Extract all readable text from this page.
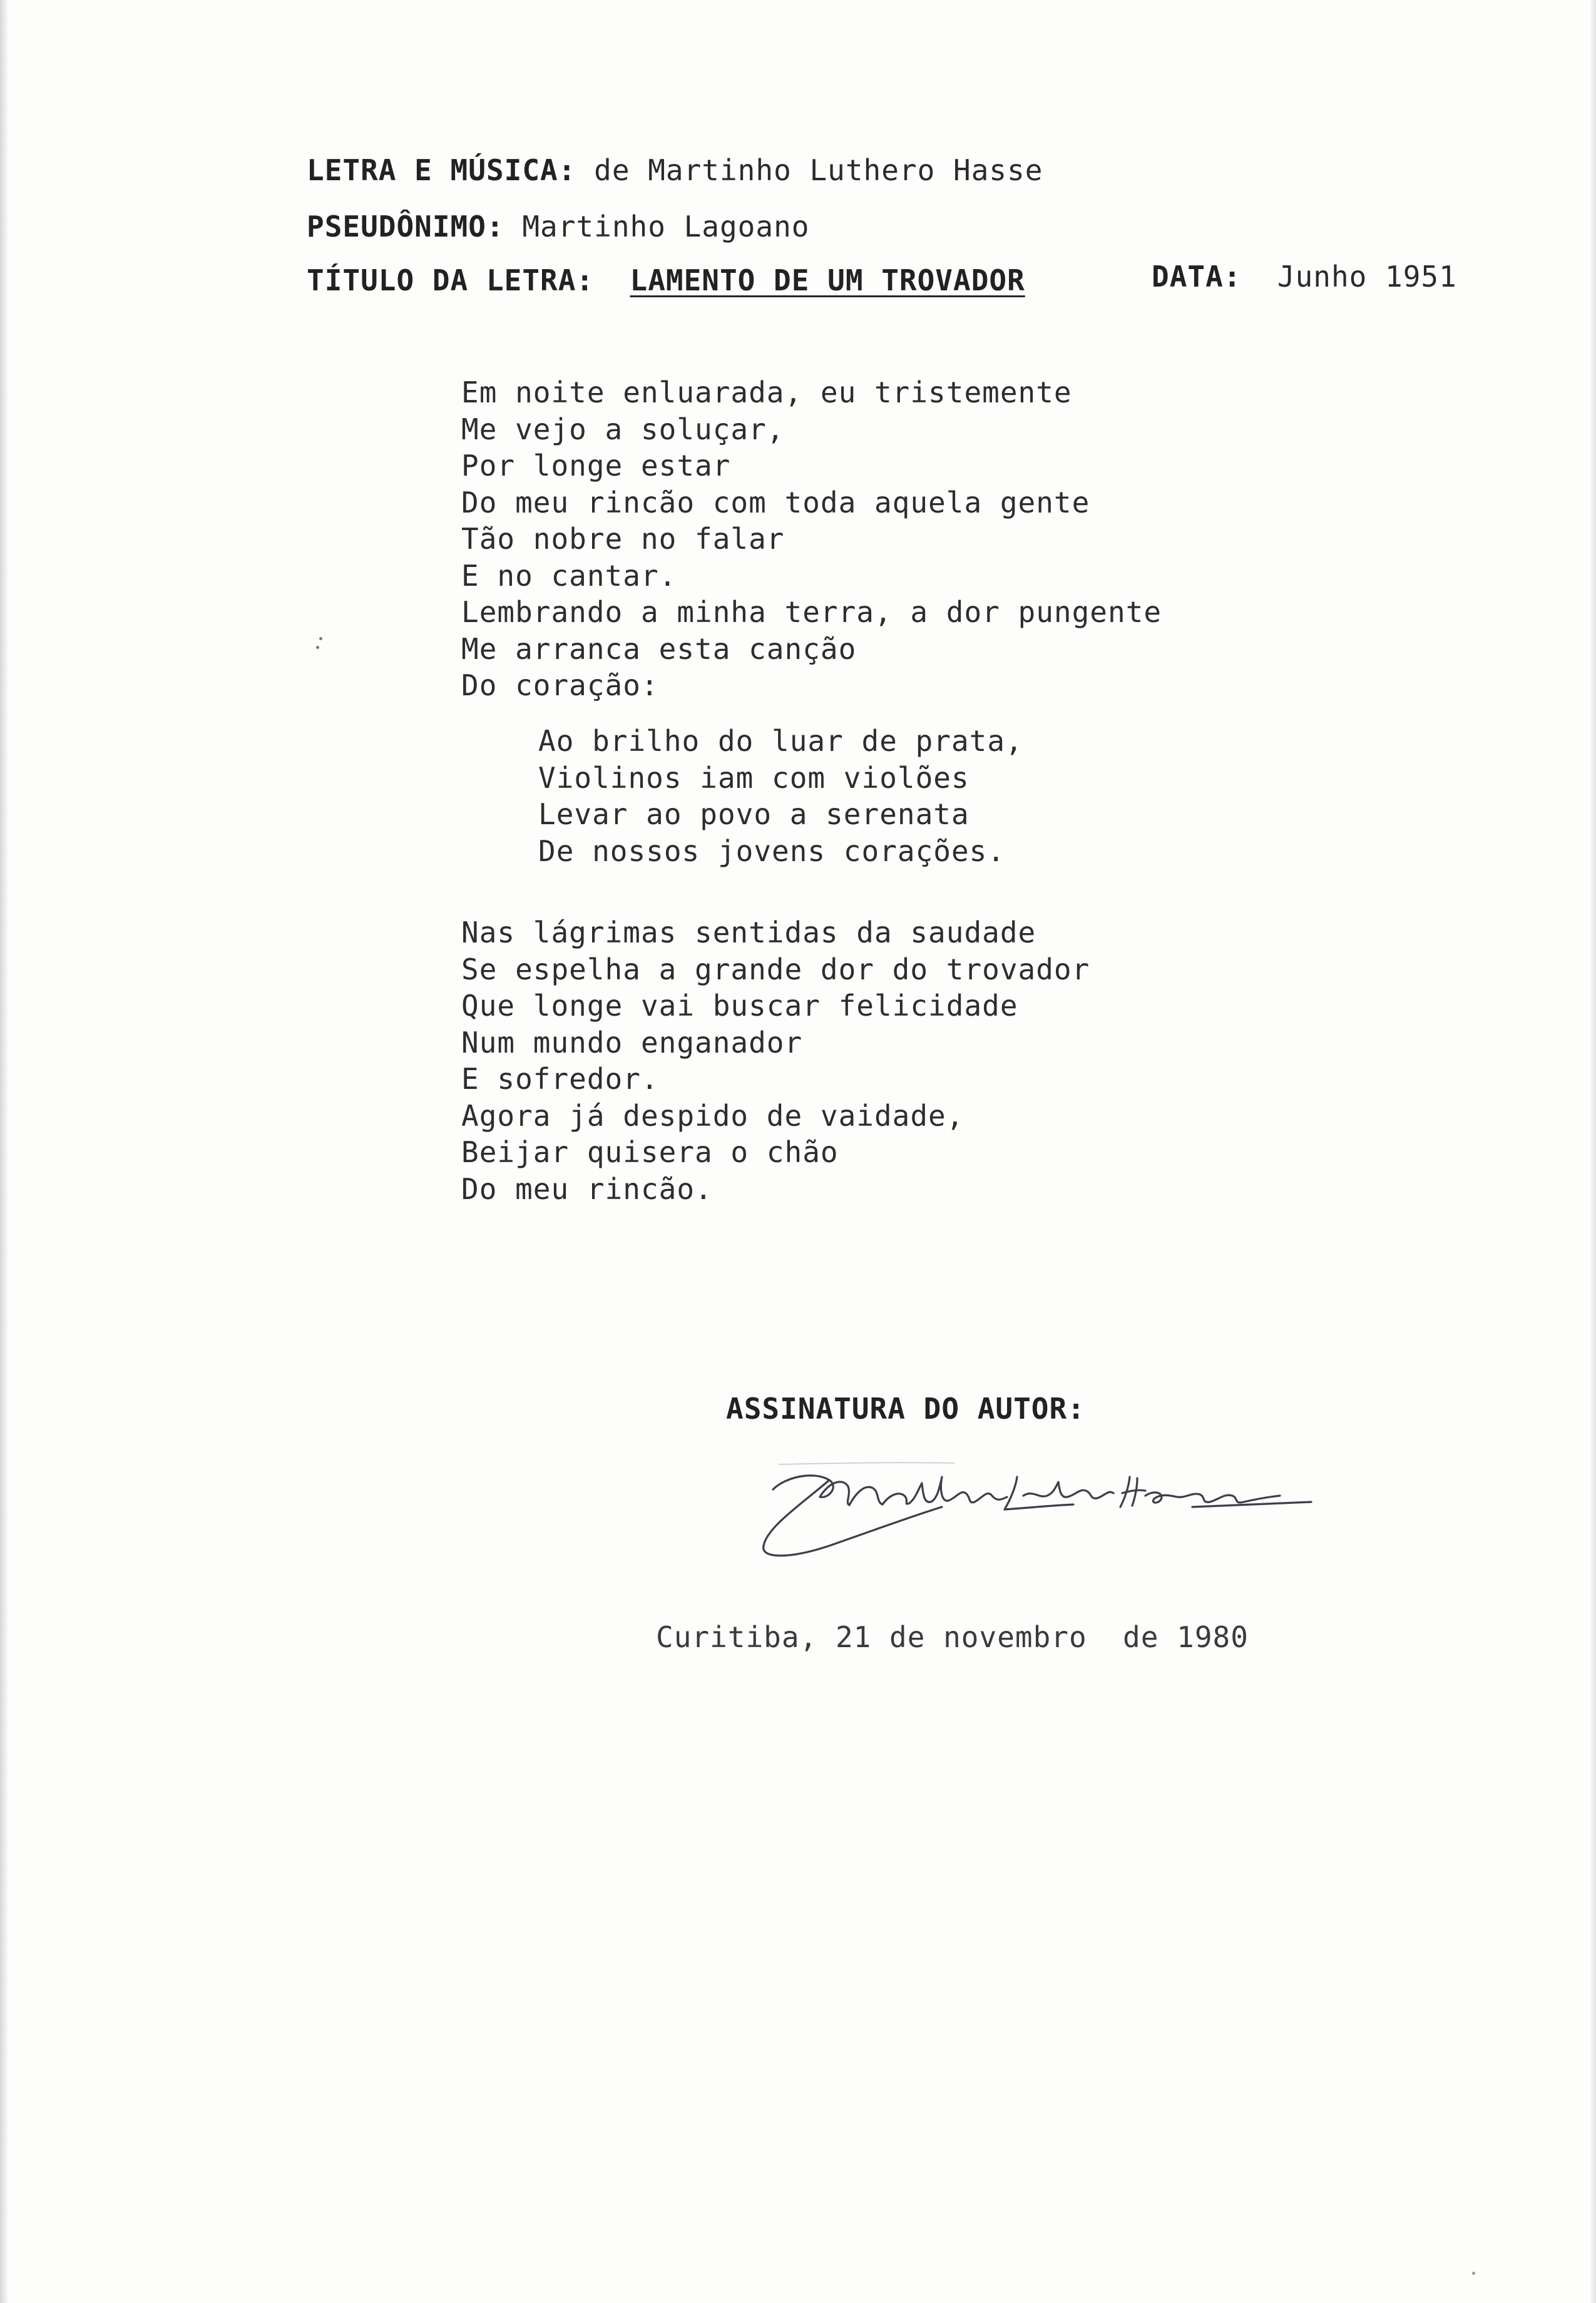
LETRA E MÚSICA: de Martinho Luthero Hasse
PSEUDÔNIMO: Martinho Lagoano
TÍTULO DA LETRA: LAMENTO DE UM TROVADOR	DATA: Junho 1951
Em noite enluarada, eu tristemente
Me vejo a soluçar,
Por longe estar
Do meu rincão com toda aquela gente
Tão nobre no falar
E no cantar.
Lembrando a minha terra, a dor pungente
Me arranca esta canção
Do coração:
Ao brilho do luar de prata,
Violinos iam com violões
Levar ao povo a serenata
De nossos jovens corações.
Nas lágrimas sentidas da saudade
Se espelha a grande dor do trovador
Que longe vai buscar felicidade
Num mundo enganador
E sofredor.
Agora já despido de vaidade,
Beijar quisera o chão
Do meu rincão.
ASSINATURA DO AUTOR:
Curitiba, 21 de novembro  de 1980
